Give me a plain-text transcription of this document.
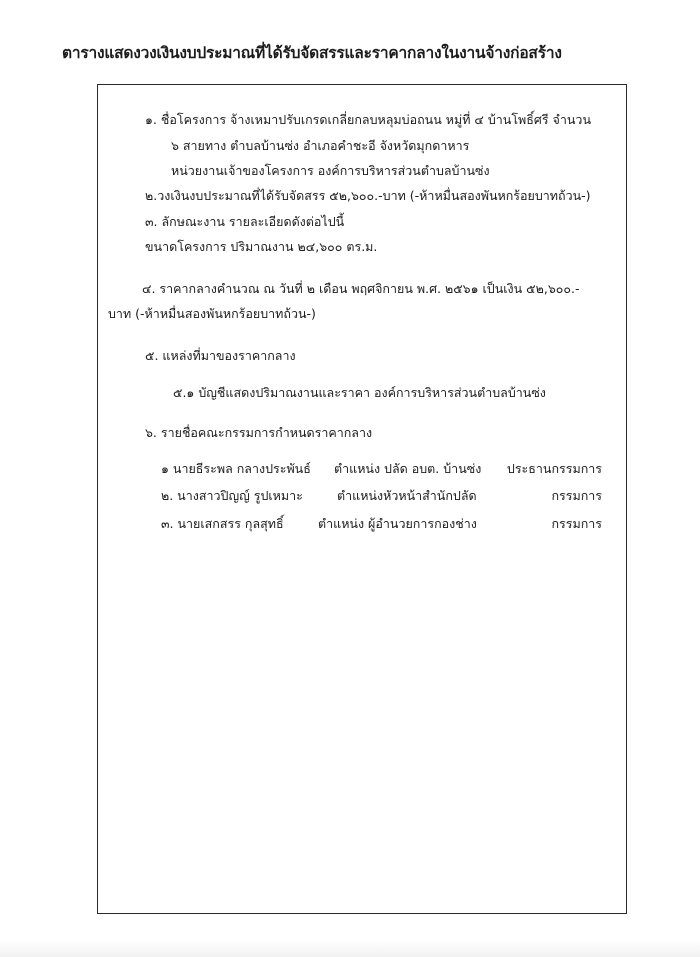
ตารางแสดงวงเงินงบประมาณที่ได้รับจัดสรรและราคากลางในงานจ้างก่อสร้าง
๑. ชื่อโครงการ จ้างเหมาปรับเกรดเกลี่ยกลบหลุมบ่อถนน หมู่ที่ ๔ บ้านโพธิ์ศรี จำนวน
๖ สายทาง ตำบลบ้านซ่ง อำเภอคำชะอี จังหวัดมุกดาหาร
หน่วยงานเจ้าของโครงการ องค์การบริหารส่วนตำบลบ้านซ่ง
๒.วงเงินงบประมาณที่ได้รับจัดสรร ๕๒,๖๐๐.-บาท (-ห้าหมื่นสองพันหกร้อยบาทถ้วน-)
๓. ลักษณะงาน รายละเอียดดังต่อไปนี้
ขนาดโครงการ ปริมาณงาน ๒๔,๖๐๐ ตร.ม.
๔. ราคากลางคำนวณ ณ วันที่ ๒ เดือน พฤศจิกายน พ.ศ. ๒๕๖๑ เป็นเงิน ๕๒,๖๐๐.-
บาท (-ห้าหมื่นสองพันหกร้อยบาทถ้วน-)
๕. แหล่งที่มาของราคากลาง
๕.๑ บัญชีแสดงปริมาณงานและราคา องค์การบริหารส่วนตำบลบ้านซ่ง
๖. รายชื่อคณะกรรมการกำหนดราคากลาง
๑ นายธีระพล กลางประพันธ์ ตำแหน่ง ปลัด อบต. บ้านซ่ง ประธานกรรมการ
๒. นางสาวปิญญ์ รูปเหมาะ	ตำแหน่งหัวหน้าสำนักปลัด	กรรมการ
๓. นายเสกสรร กุลสุทธิ์	ตำแหน่ง ผู้อำนวยการกองช่าง	กรรมการ
